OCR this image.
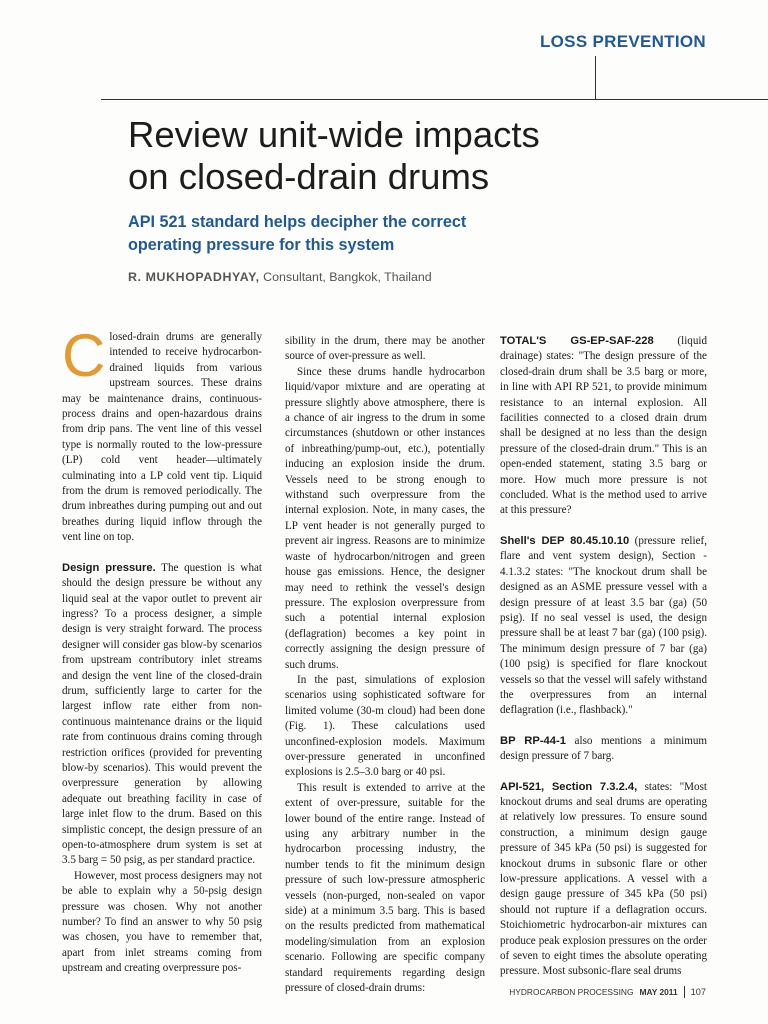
LOSS PREVENTION
Review unit-wide impacts
on closed-drain drums
API 521 standard helps decipher the correct
operating pressure for this system
R. MUKHOPADHYAY, Consultant, Bangkok, Thailand

Closed-drain drums are generally intended to receive hydrocarbon-drained liquids from various upstream sources. These drains may be maintenance drains, continuous-process drains and open-hazardous drains from drip pans. The vent line of this vessel type is normally routed to the low-pressure (LP) cold vent header—ultimately culminating into a LP cold vent tip. Liquid from the drum is removed periodically. The drum inbreathes during pumping out and out breathes during liquid inflow through the vent line on top.

Design pressure. The question is what should the design pressure be without any liquid seal at the vapor outlet to prevent air ingress? To a process designer, a simple design is very straight forward. The process designer will consider gas blow-by scenarios from upstream contributory inlet streams and design the vent line of the closed-drain drum, sufficiently large to carter for the largest inflow rate either from non-continuous maintenance drains or the liquid rate from continuous drains coming through restriction orifices (provided for preventing blow-by scenarios). This would prevent the overpressure generation by allowing adequate out breathing facility in case of large inlet flow to the drum. Based on this simplistic concept, the design pressure of an open-to-atmosphere drum system is set at 3.5 barg = 50 psig, as per standard practice.

However, most process designers may not be able to explain why a 50-psig design pressure was chosen. Why not another number? To find an answer to why 50 psig was chosen, you have to remember that, apart from inlet streams coming from upstream and creating overpressure pos-

sibility in the drum, there may be another source of over-pressure as well.

Since these drums handle hydrocarbon liquid/vapor mixture and are operating at pressure slightly above atmosphere, there is a chance of air ingress to the drum in some circumstances (shutdown or other instances of inbreathing/pump-out, etc.), potentially inducing an explosion inside the drum. Vessels need to be strong enough to withstand such overpressure from the internal explosion. Note, in many cases, the LP vent header is not generally purged to prevent air ingress. Reasons are to minimize waste of hydrocarbon/nitrogen and green house gas emissions. Hence, the designer may need to rethink the vessel's design pressure. The explosion overpressure from such a potential internal explosion (deflagration) becomes a key point in correctly assigning the design pressure of such drums.

In the past, simulations of explosion scenarios using sophisticated software for limited volume (30-m cloud) had been done (Fig. 1). These calculations used unconfined-explosion models. Maximum over-pressure generated in unconfined explosions is 2.5–3.0 barg or 40 psi.

This result is extended to arrive at the extent of over-pressure, suitable for the lower bound of the entire range. Instead of using any arbitrary number in the hydrocarbon processing industry, the number tends to fit the minimum design pressure of such low-pressure atmospheric vessels (non-purged, non-sealed on vapor side) at a minimum 3.5 barg. This is based on the results predicted from mathematical modeling/simulation from an explosion scenario. Following are specific company standard requirements regarding design pressure of closed-drain drums:

TOTAL'S GS-EP-SAF-228 (liquid drainage) states: "The design pressure of the closed-drain drum shall be 3.5 barg or more, in line with API RP 521, to provide minimum resistance to an internal explosion. All facilities connected to a closed drain drum shall be designed at no less than the design pressure of the closed-drain drum." This is an open-ended statement, stating 3.5 barg or more. How much more pressure is not concluded. What is the method used to arrive at this pressure?

Shell's DEP 80.45.10.10 (pressure relief, flare and vent system design), Section - 4.1.3.2 states: "The knockout drum shall be designed as an ASME pressure vessel with a design pressure of at least 3.5 bar (ga) (50 psig). If no seal vessel is used, the design pressure shall be at least 7 bar (ga) (100 psig). The minimum design pressure of 7 bar (ga) (100 psig) is specified for flare knockout vessels so that the vessel will safely withstand the overpressures from an internal deflagration (i.e., flashback)."

BP RP-44-1 also mentions a minimum design pressure of 7 barg.

API-521, Section 7.3.2.4, states: "Most knockout drums and seal drums are operating at relatively low pressures. To ensure sound construction, a minimum design gauge pressure of 345 kPa (50 psi) is suggested for knockout drums in subsonic flare or other low-pressure applications. A vessel with a design gauge pressure of 345 kPa (50 psi) should not rupture if a deflagration occurs. Stoichiometric hydrocarbon-air mixtures can produce peak explosion pressures on the order of seven to eight times the absolute operating pressure. Most subsonic-flare seal drums

HYDROCARBON PROCESSING MAY 2011 107
